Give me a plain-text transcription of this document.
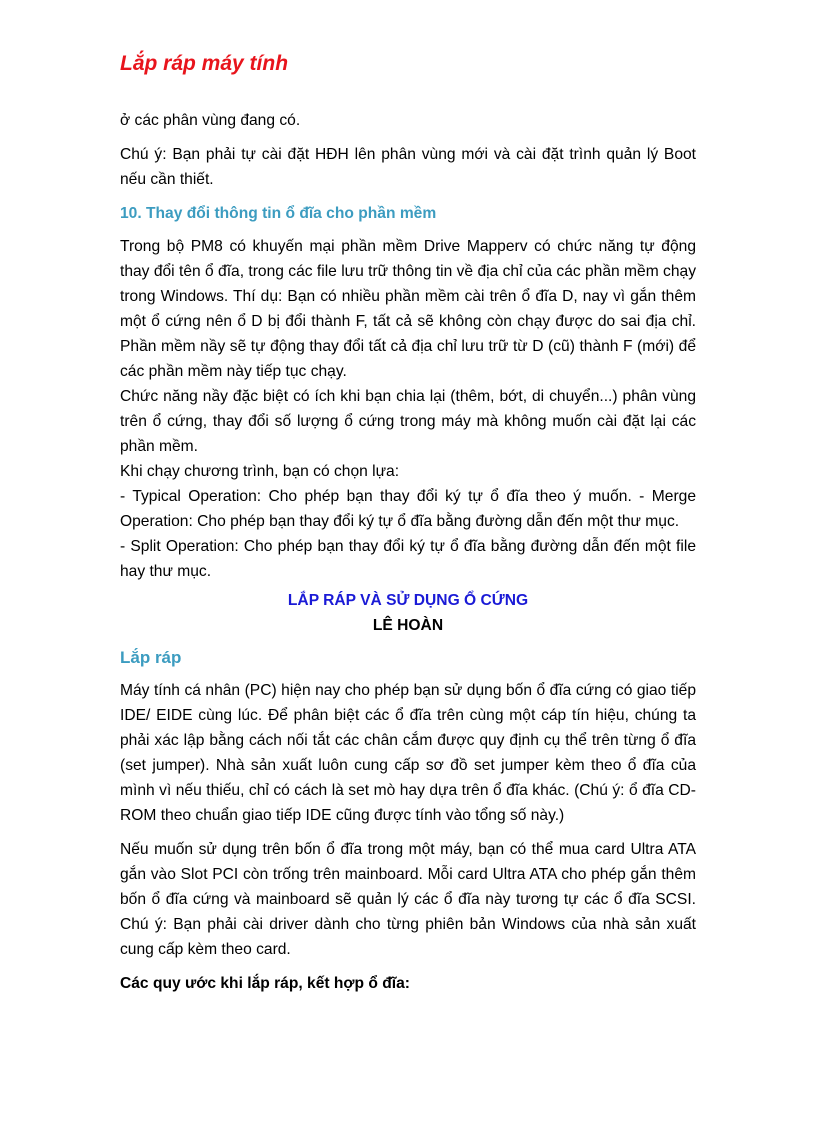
Lắp ráp máy tính

ở các phân vùng đang có.

Chú ý: Bạn phải tự cài đặt HĐH lên phân vùng mới và cài đặt trình quản lý Boot nếu cần thiết.

10. Thay đổi thông tin ổ đĩa cho phần mềm

Trong bộ PM8 có khuyến mại phần mềm Drive Mapperv có chức năng tự động thay đổi tên ổ đĩa, trong các file lưu trữ thông tin về địa chỉ của các phần mềm chạy trong Windows. Thí dụ: Bạn có nhiều phần mềm cài trên ổ đĩa D, nay vì gắn thêm một ổ cứng nên ổ D bị đổi thành F, tất cả sẽ không còn chạy được do sai địa chỉ. Phần mềm nầy sẽ tự động thay đổi tất cả địa chỉ lưu trữ từ D (cũ) thành F (mới) để các phần mềm này tiếp tục chạy.

Chức năng nầy đặc biệt có ích khi bạn chia lại (thêm, bớt, di chuyển...) phân vùng trên ổ cứng, thay đổi số lượng ổ cứng trong máy mà không muốn cài đặt lại các phần mềm.

Khi chạy chương trình, bạn có chọn lựa:

- Typical Operation: Cho phép bạn thay đổi ký tự ổ đĩa theo ý muốn. - Merge Operation: Cho phép bạn thay đổi ký tự ổ đĩa bằng đường dẫn đến một thư mục.

- Split Operation: Cho phép bạn thay đổi ký tự ổ đĩa bằng đường dẫn đến một file hay thư mục.

LẮP RÁP VÀ SỬ DỤNG Ổ CỨNG
LÊ HOÀN
Lắp ráp

Máy tính cá nhân (PC) hiện nay cho phép bạn sử dụng bốn ổ đĩa cứng có giao tiếp IDE/ EIDE cùng lúc. Để phân biệt các ổ đĩa trên cùng một cáp tín hiệu, chúng ta phải xác lập bằng cách nối tắt các chân cắm được quy định cụ thể trên từng ổ đĩa (set jumper). Nhà sản xuất luôn cung cấp sơ đồ set jumper kèm theo ổ đĩa của mình vì nếu thiếu, chỉ có cách là set mò hay dựa trên ổ đĩa khác. (Chú ý: ổ đĩa CD-ROM theo chuẩn giao tiếp IDE cũng được tính vào tổng số này.)

Nếu muốn sử dụng trên bốn ổ đĩa trong một máy, bạn có thể mua card Ultra ATA gắn vào Slot PCI còn trống trên mainboard. Mỗi card Ultra ATA cho phép gắn thêm bốn ổ đĩa cứng và mainboard sẽ quản lý các ổ đĩa này tương tự các ổ đĩa SCSI. Chú ý: Bạn phải cài driver dành cho từng phiên bản Windows của nhà sản xuất cung cấp kèm theo card.

Các quy ước khi lắp ráp, kết hợp ổ đĩa:
